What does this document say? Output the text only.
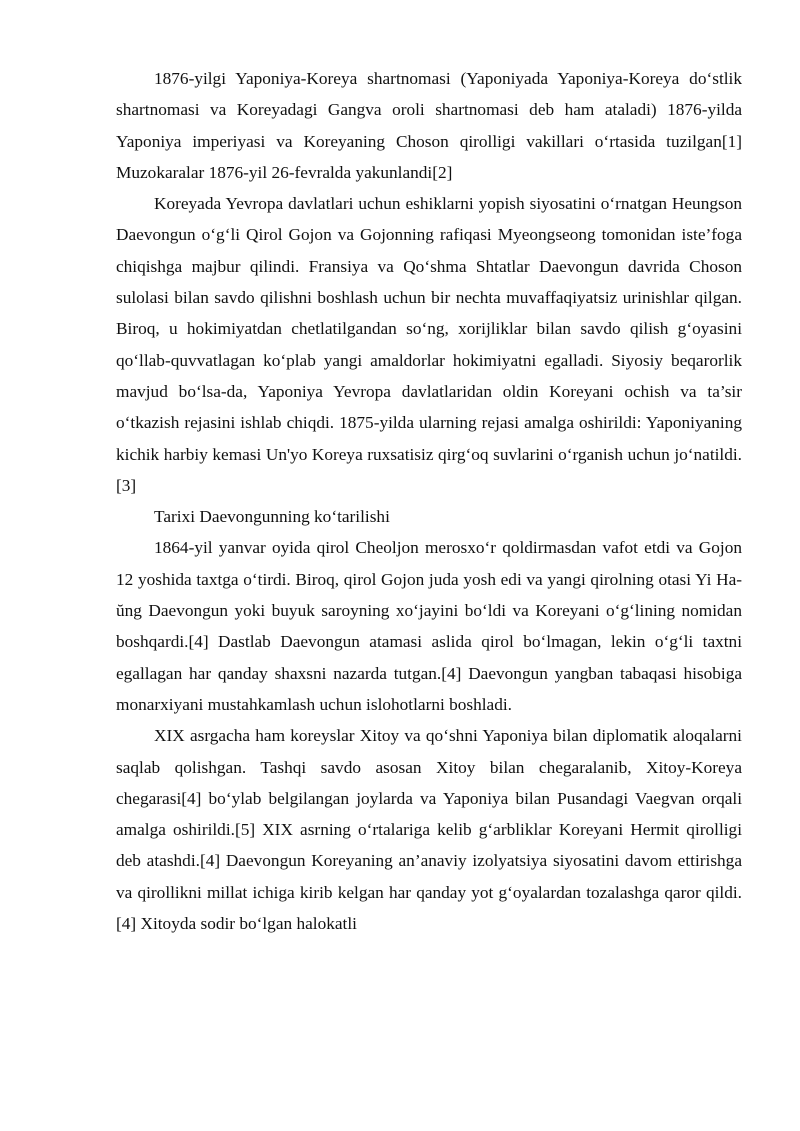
1876-yilgi Yaponiya-Koreya shartnomasi (Yaponiyada Yaponiya-Koreya do‘stlik shartnomasi va Koreyadagi Gangva oroli shartnomasi deb ham ataladi) 1876-yilda Yaponiya imperiyasi va Koreyaning Choson qirolligi vakillari o‘rtasida tuzilgan[1] Muzokaralar 1876-yil 26-fevralda yakunlandi[2]

Koreyada Yevropa davlatlari uchun eshiklarni yopish siyosatini o‘rnatgan Heungson Daevongun o‘g‘li Qirol Gojon va Gojonning rafiqasi Myeongseong tomonidan iste’foga chiqishga majbur qilindi. Fransiya va Qo‘shma Shtatlar Daevongun davrida Choson sulolasi bilan savdo qilishni boshlash uchun bir nechta muvaffaqiyatsiz urinishlar qilgan. Biroq, u hokimiyatdan chetlatilgandan so‘ng, xorijliklar bilan savdo qilish g‘oyasini qo‘llab-quvvatlagan ko‘plab yangi amaldorlar hokimiyatni egalladi. Siyosiy beqarorlik mavjud bo‘lsa-da, Yaponiya Yevropa davlatlaridan oldin Koreyani ochish va ta’sir o‘tkazish rejasini ishlab chiqdi. 1875-yilda ularning rejasi amalga oshirildi: Yaponiyaning kichik harbiy kemasi Un'yo Koreya ruxsatisiz qirg‘oq suvlarini o‘rganish uchun jo‘natildi.[3]

Tarixi Daevongunning ko‘tarilishi

1864-yil yanvar oyida qirol Cheoljon merosxo‘r qoldirmasdan vafot etdi va Gojon 12 yoshida taxtga o‘tirdi. Biroq, qirol Gojon juda yosh edi va yangi qirolning otasi Yi Ha-ŭng Daevongun yoki buyuk saroyning xo‘jayini bo‘ldi va Koreyani o‘g‘lining nomidan boshqardi.[4] Dastlab Daevongun atamasi aslida qirol bo‘lmagan, lekin o‘g‘li taxtni egallagan har qanday shaxsni nazarda tutgan.[4] Daevongun yangban tabaqasi hisobiga monarxiyani mustahkamlash uchun islohotlarni boshladi.

XIX asrgacha ham koreyslar Xitoy va qo‘shni Yaponiya bilan diplomatik aloqalarni saqlab qolishgan. Tashqi savdo asosan Xitoy bilan chegaralanib, Xitoy-Koreya chegarasi[4] bo‘ylab belgilangan joylarda va Yaponiya bilan Pusandagi Vaegvan orqali amalga oshirildi.[5] XIX asrning o‘rtalariga kelib g‘arbliklar Koreyani Hermit qirolligi deb atashdi.[4] Daevongun Koreyaning an’anaviy izolyatsiya siyosatini davom ettirishga va qirollikni millat ichiga kirib kelgan har qanday yot g‘oyalardan tozalashga qaror qildi.[4] Xitoyda sodir bo‘lgan halokatli
